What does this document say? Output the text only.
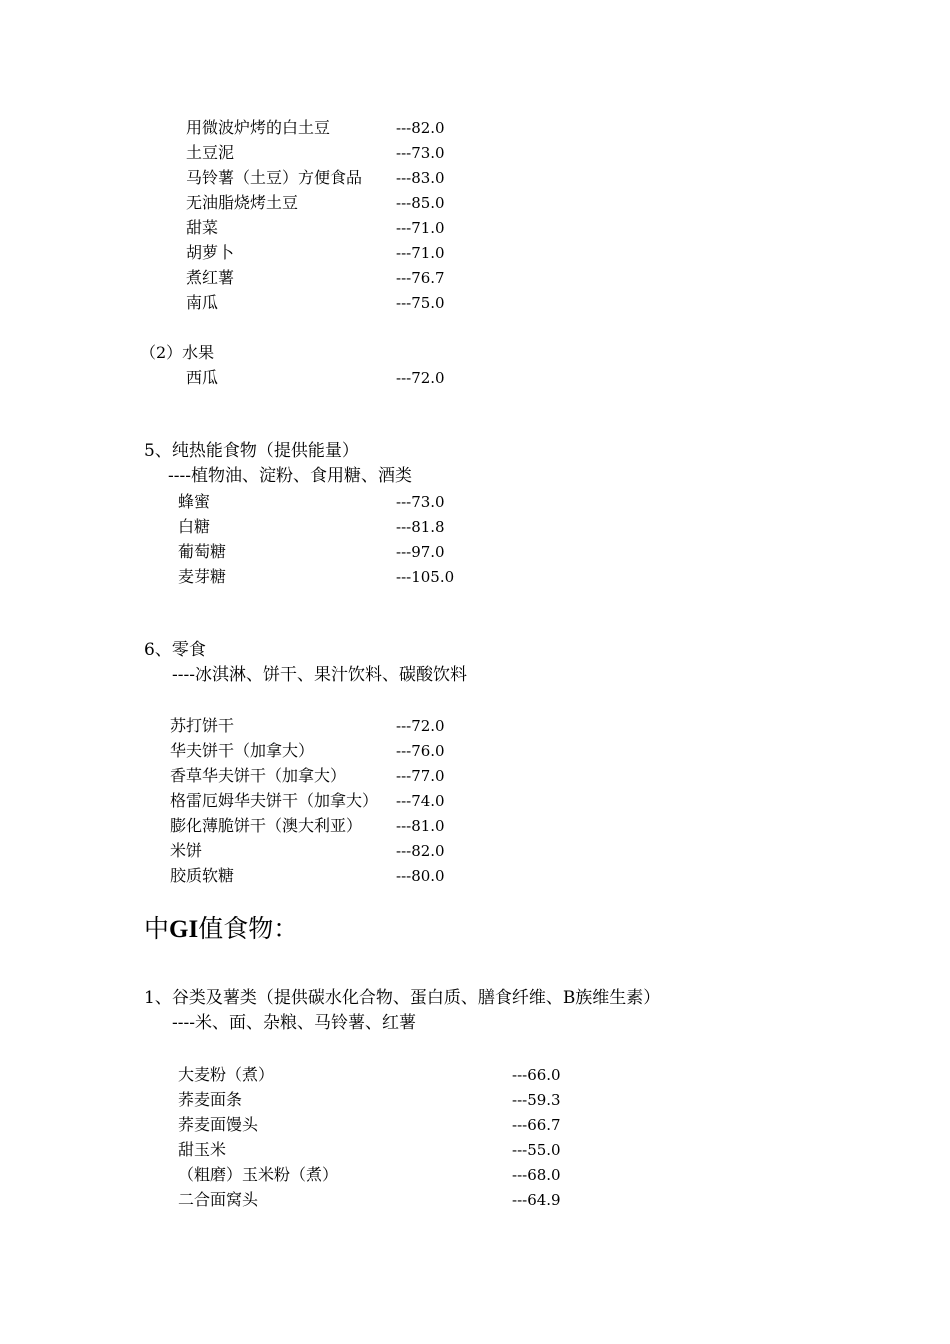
用微波炉烤的白土豆	---82.0
土豆泥	---73.0
马铃薯（土豆）方便食品 ---83.0
无油脂烧烤土豆	---85.0
甜菜	---71.0
胡萝卜	---71.0
煮红薯	---76.7
南瓜	---75.0
（2）水果
西瓜	---72.0
5、纯热能食物（提供能量）
----植物油、淀粉、食用糖、酒类
蜂蜜	---73.0
白糖	---81.8
葡萄糖	---97.0
麦芽糖	---105.0
6、零食
----冰淇淋、饼干、果汁饮料、碳酸饮料
苏打饼干	---72.0
华夫饼干（加拿大）	---76.0
香草华夫饼干（加拿大）	---77.0
格雷厄姆华夫饼干（加拿大） ---74.0
膨化薄脆饼干（澳大利亚） ---81.0
米饼	---82.0
胶质软糖	---80.0
中GI值食物：
1、谷类及薯类（提供碳水化合物、蛋白质、膳食纤维、B族维生素）
----米、面、杂粮、马铃薯、红薯
大麦粉（煮）	---66.0
荞麦面条	---59.3
荞麦面馒头	---66.7
甜玉米	---55.0
（粗磨）玉米粉（煮）	---68.0
二合面窝头	---64.9
